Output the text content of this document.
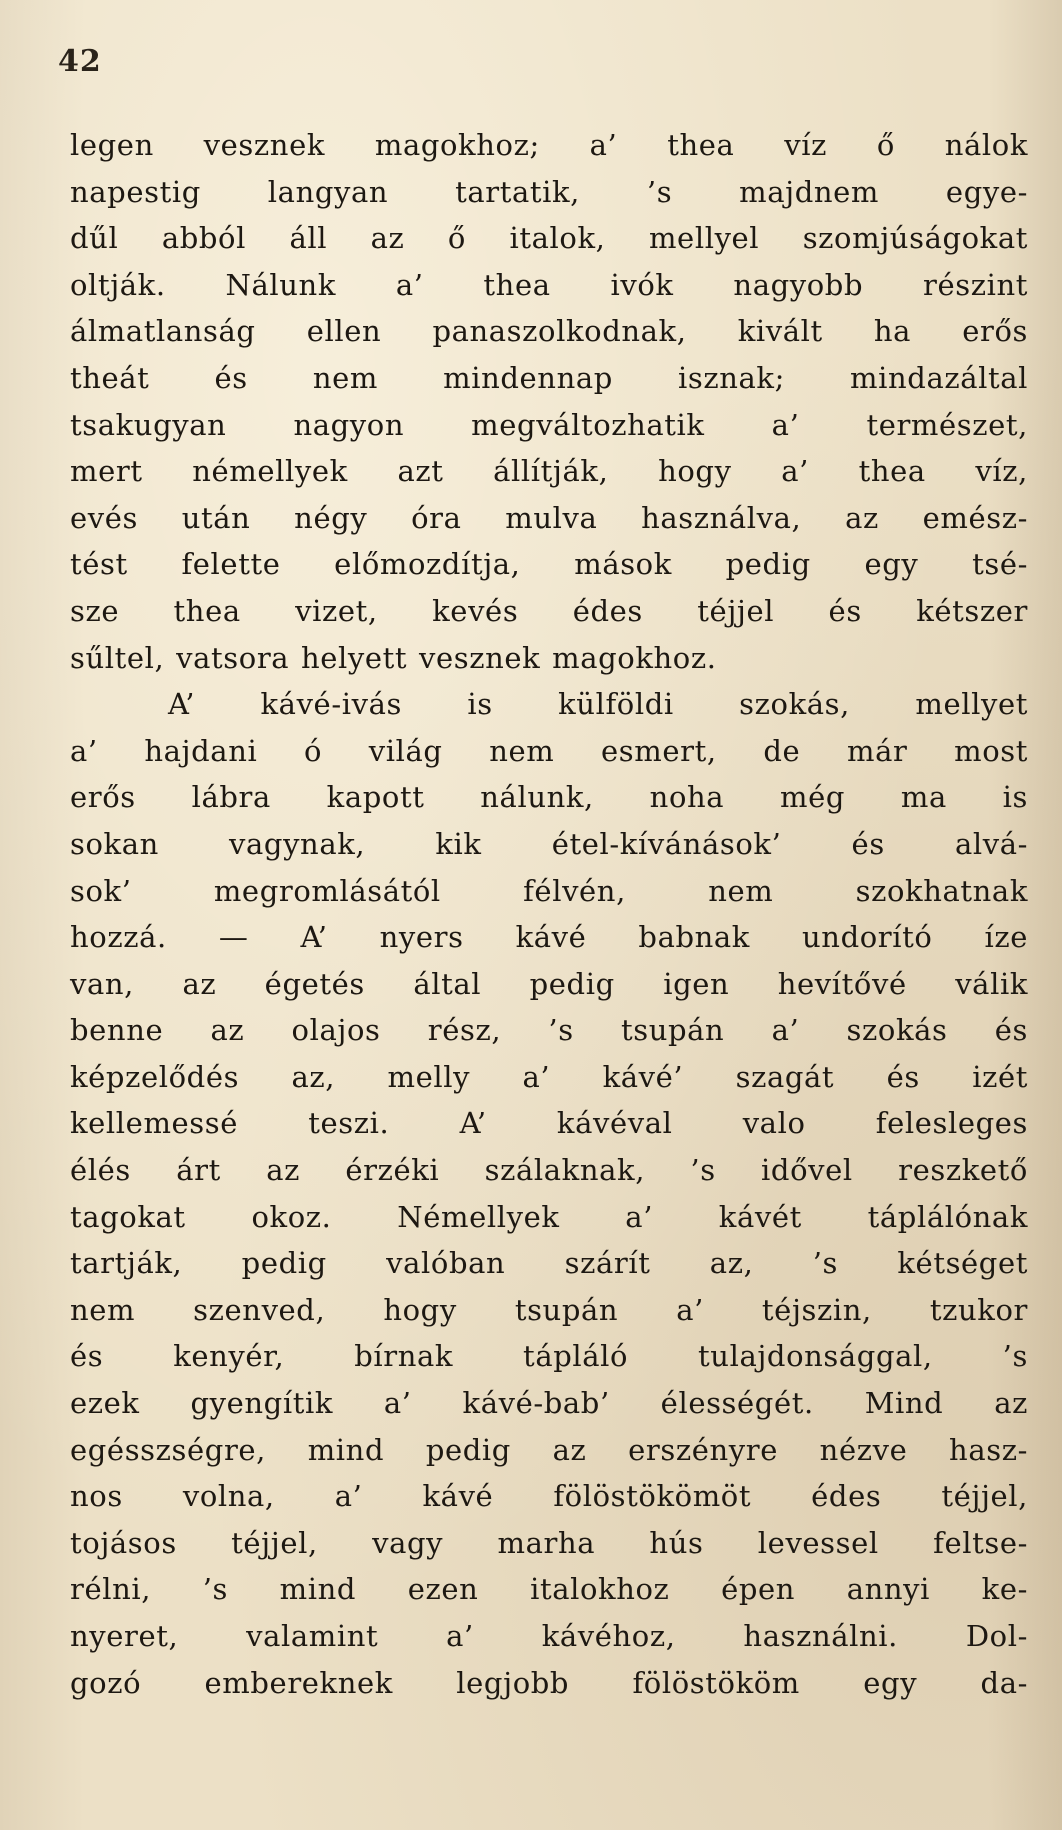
42
legen vesznek magokhoz; a’ thea víz ő nálok
napestig langyan tartatik, ’s majdnem egye-
dűl abból áll az ő italok, mellyel szomjúságokat
oltják. Nálunk a’ thea ivók nagyobb részint
álmatlanság ellen panaszolkodnak, kivált ha erős
theát és nem mindennap isznak; mindazáltal
tsakugyan nagyon megváltozhatik a’ természet,
mert némellyek azt állítják, hogy a’ thea víz,
evés után négy óra mulva használva, az emész-
tést felette előmozdítja, mások pedig egy tsé-
sze thea vizet, kevés édes téjjel és kétszer
sűltel, vatsora helyett vesznek magokhoz.
A’ kávé-ivás is külföldi szokás, mellyet
a’ hajdani ó világ nem esmert, de már most
erős lábra kapott nálunk, noha még ma is
sokan vagynak, kik étel-kívánások’ és alvá-
sok’ megromlásától félvén, nem szokhatnak
hozzá. — A’ nyers kávé babnak undorító íze
van, az égetés által pedig igen hevítővé válik
benne az olajos rész, ’s tsupán a’ szokás és
képzelődés az, melly a’ kávé’ szagát és izét
kellemessé teszi. A’ kávéval valo felesleges
élés árt az érzéki szálaknak, ’s idővel reszkető
tagokat okoz. Némellyek a’ kávét táplálónak
tartják, pedig valóban szárít az, ’s kétséget
nem szenved, hogy tsupán a’ téjszin, tzukor
és kenyér, bírnak tápláló tulajdonsággal, ’s
ezek gyengítik a’ kávé-bab’ élességét. Mind az
egésszségre, mind pedig az erszényre nézve hasz-
nos volna, a’ kávé fölöstökömöt édes téjjel,
tojásos téjjel, vagy marha hús levessel feltse-
rélni, ’s mind ezen italokhoz épen annyi ke-
nyeret, valamint a’ kávéhoz, használni. Dol-
gozó embereknek legjobb fölöstököm egy da-
